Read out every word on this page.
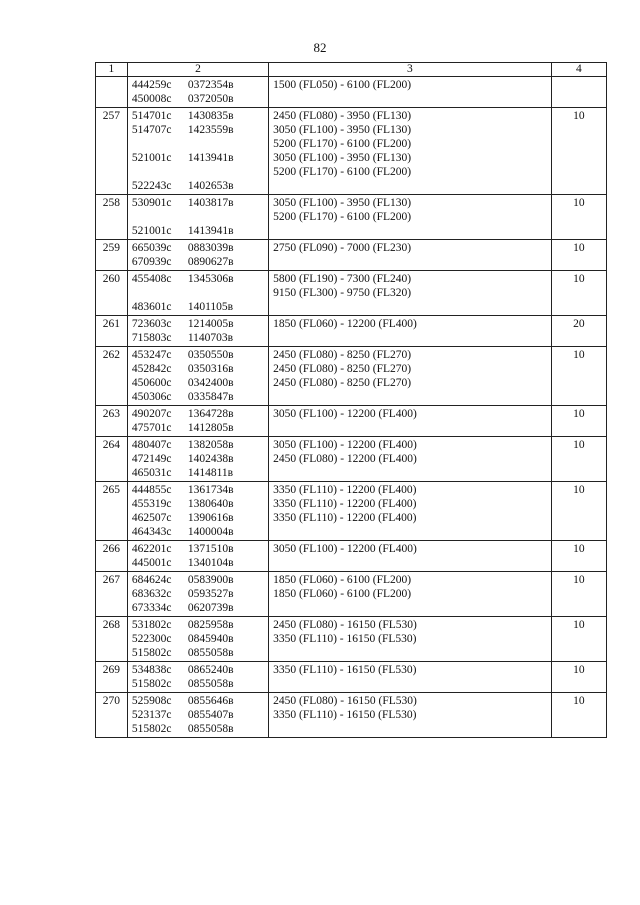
82
1	2	3	4

	444259с 0372354в
450008с 0372050в	1500 (FL050) - 6100 (FL200)	

257	514701с 1430835в
514707с 1423559в
521001с 1413941в
522243с 1402653в	2450 (FL080) - 3950 (FL130)
3050 (FL100) - 3950 (FL130)
5200 (FL170) - 6100 (FL200)
3050 (FL100) - 3950 (FL130)
5200 (FL170) - 6100 (FL200)	10
258	530901с 1403817в
521001с 1413941в	3050 (FL100) - 3950 (FL130)
5200 (FL170) - 6100 (FL200)	10
259	665039с 0883039в
670939с 0890627в	2750 (FL090) - 7000 (FL230)	10
260	455408с 1345306в
483601с 1401105в	5800 (FL190) - 7300 (FL240)
9150 (FL300) - 9750 (FL320)	10
261	723603с 1214005в
715803с 1140703в	1850 (FL060) - 12200 (FL400)	20
262	453247с 0350550в
452842с 0350316в
450600с 0342400в
450306с 0335847в	2450 (FL080) - 8250 (FL270)
2450 (FL080) - 8250 (FL270)
2450 (FL080) - 8250 (FL270)	10
263	490207с 1364728в
475701с 1412805в	3050 (FL100) - 12200 (FL400)	10
264	480407с 1382058в
472149с 1402438в
465031с 1414811в	3050 (FL100) - 12200 (FL400)
2450 (FL080) - 12200 (FL400)	10
265	444855с 1361734в
455319с 1380640в
462507с 1390616в
464343с 1400004в	3350 (FL110) - 12200 (FL400)
3350 (FL110) - 12200 (FL400)
3350 (FL110) - 12200 (FL400)	10
266	462201с 1371510в
445001с 1340104в	3050 (FL100) - 12200 (FL400)	10
267	684624с 0583900в
683632с 0593527в
673334с 0620739в	1850 (FL060) - 6100 (FL200)
1850 (FL060) - 6100 (FL200)	10
268	531802с 0825958в
522300с 0845940в
515802с 0855058в	2450 (FL080) - 16150 (FL530)
3350 (FL110) - 16150 (FL530)	10
269	534838с 0865240в
515802с 0855058в	3350 (FL110) - 16150 (FL530)	10
270	525908с 0855646в
523137с 0855407в
515802с 0855058в	2450 (FL080) - 16150 (FL530)
3350 (FL110) - 16150 (FL530)	10
